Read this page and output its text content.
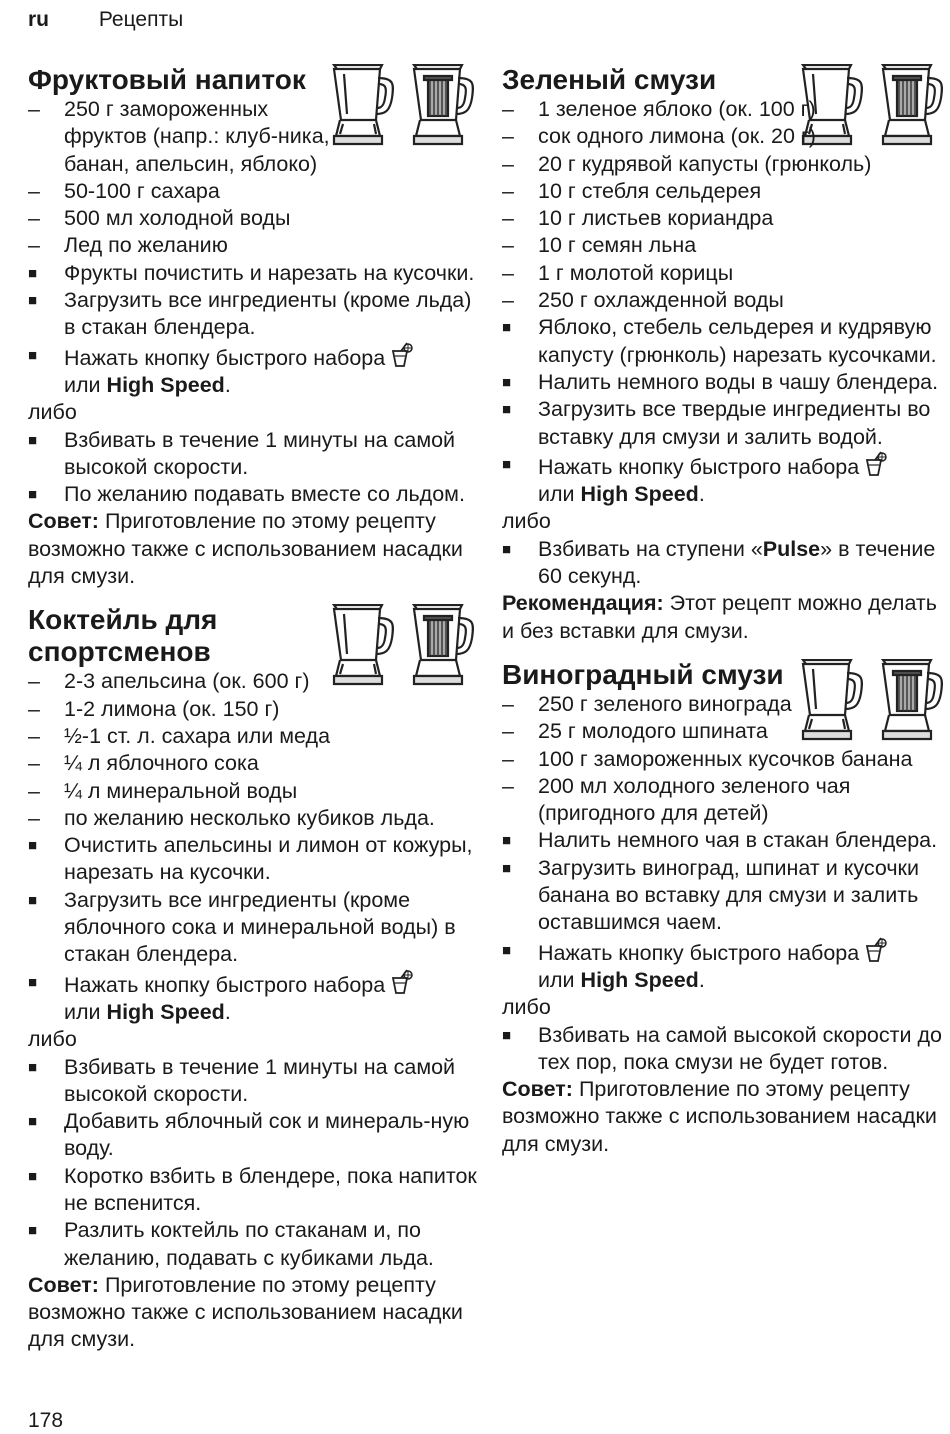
ru Рецепты
Фруктовый напиток
–	250 г замороженных фруктов (напр.: клуб-ника, банан, апельсин, яблоко)
–	50-100 г сахара
–	500 мл холодной воды
–	Лед по желанию
■	Фрукты почистить и нарезать на кусочки.
■	Загрузить все ингредиенты (кроме льда) в стакан блендера.
■	Нажать кнопку быстрого набора
или High Speed.

либо

■	Взбивать в течение 1 минуты на самой высокой скорости.
■	По желанию подавать вместе со льдом.

Совет: Приготовление по этому рецепту возможно также с использованием насадки для смузи.

Коктейль для
спортсменов
–	2-3 апельсина (ок. 600 г)
–	1-2 лимона (ок. 150 г)
–	½-1 ст. л. сахара или меда
–	¼ л яблочного сока
–	¼ л минеральной воды
–	по желанию несколько кубиков льда.
■	Очистить апельсины и лимон от кожуры, нарезать на кусочки.
■	Загрузить все ингредиенты (кроме яблочного сока и минеральной воды) в стакан блендера.
■	Нажать кнопку быстрого набора
или High Speed.

либо

■	Взбивать в течение 1 минуты на самой высокой скорости.
■	Добавить яблочный сок и минераль-ную воду.
■	Коротко взбить в блендере, пока напиток не вспенится.
■	Разлить коктейль по стаканам и, по желанию, подавать с кубиками льда.

Совет: Приготовление по этому рецепту возможно также с использованием насадки для смузи.

Зеленый смузи
–	1 зеленое яблоко (ок. 100 г)
–	сок одного лимона (ок. 20 г)
–	20 г кудрявой капусты (грюнколь)
–	10 г стебля сельдерея
–	10 г листьев кориандра
–	10 г семян льна
–	1 г молотой корицы
–	250 г охлажденной воды
■	Яблоко, стебель сельдерея и кудрявую капусту (грюнколь) нарезать кусочками.
■	Налить немного воды в чашу блендера.
■	Загрузить все твердые ингредиенты во вставку для смузи и залить водой.
■	Нажать кнопку быстрого набора
или High Speed.

либо

■	Взбивать на ступени «Pulse» в течение 60 секунд.

Рекомендация: Этот рецепт можно делать и без вставки для смузи.

Виноградный смузи
–	250 г зеленого винограда
–	25 г молодого шпината
–	100 г замороженных кусочков банана
–	200 мл холодного зеленого чая (пригодного для детей)
■	Налить немного чая в стакан блендера.
■	Загрузить виноград, шпинат и кусочки банана во вставку для смузи и залить оставшимся чаем.
■	Нажать кнопку быстрого набора
или High Speed.

либо

■	Взбивать на самой высокой скорости до тех пор, пока смузи не будет готов.

Совет: Приготовление по этому рецепту возможно также с использованием насадки для смузи.

178
